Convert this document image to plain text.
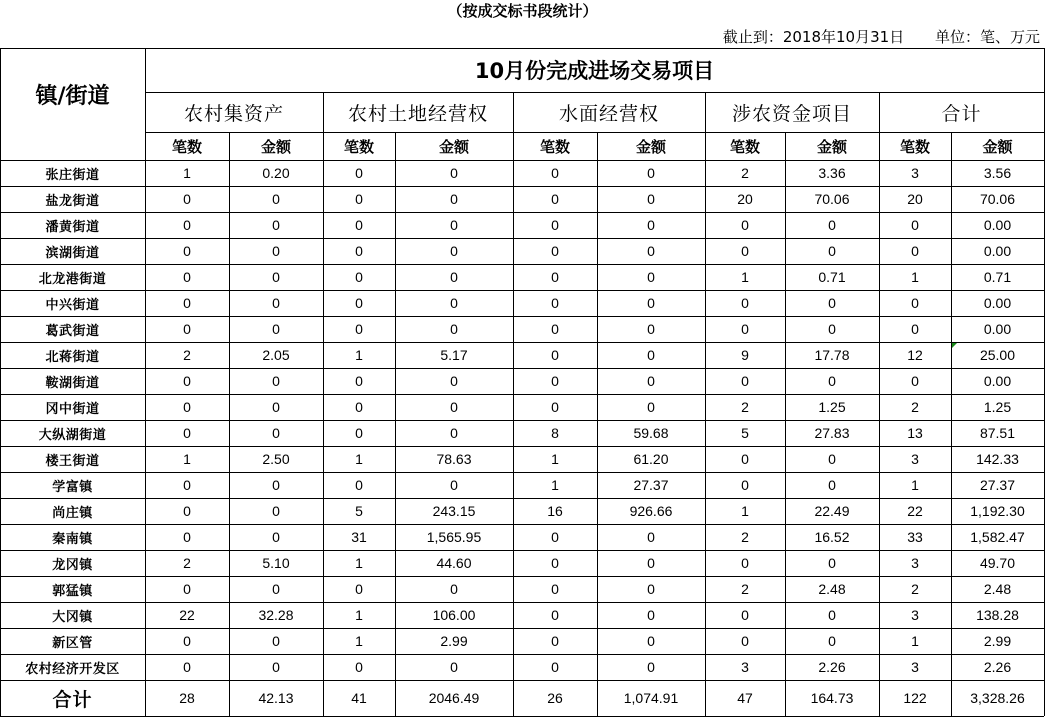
（按成交标书段统计）
截止到：2018年10月31日 单位：笔、万元
镇/街道
10月份完成进场交易项目
农村集资产	农村土地经营权	水面经营权	涉农资金项目	合计
笔数	金额	笔数	金额	笔数	金额	笔数	金额	笔数	金额
张庄街道	1	0.20	0	0	0	0	2	3.36	3	3.56
盐龙街道	0	0	0	0	0	0	20	70.06	20	70.06
潘黄街道	0	0	0	0	0	0	0	0	0	0.00
滨湖街道	0	0	0	0	0	0	0	0	0	0.00
北龙港街道	0	0	0	0	0	0	1	0.71	1	0.71
中兴街道	0	0	0	0	0	0	0	0	0	0.00
葛武街道	0	0	0	0	0	0	0	0	0	0.00
北蒋街道	2	2.05	1	5.17	0	0	9	17.78	12	25.00
鞍湖街道	0	0	0	0	0	0	0	0	0	0.00
冈中街道	0	0	0	0	0	0	2	1.25	2	1.25
大纵湖街道	0	0	0	0	8	59.68	5	27.83	13	87.51
楼王街道	1	2.50	1	78.63	1	61.20	0	0	3	142.33
学富镇	0	0	0	0	1	27.37	0	0	1	27.37
尚庄镇	0	0	5	243.15	16	926.66	1	22.49	22	1,192.30
秦南镇	0	0	31	1,565.95	0	0	2	16.52	33	1,582.47
龙冈镇	2	5.10	1	44.60	0	0	0	0	3	49.70
郭猛镇	0	0	0	0	0	0	2	2.48	2	2.48
大冈镇	22	32.28	1	106.00	0	0	0	0	3	138.28
新区管	0	0	1	2.99	0	0	0	0	1	2.99
农村经济开发区	0	0	0	0	0	0	3	2.26	3	2.26
合计	28	42.13	41	2046.49	26	1,074.91	47	164.73	122	3,328.26
